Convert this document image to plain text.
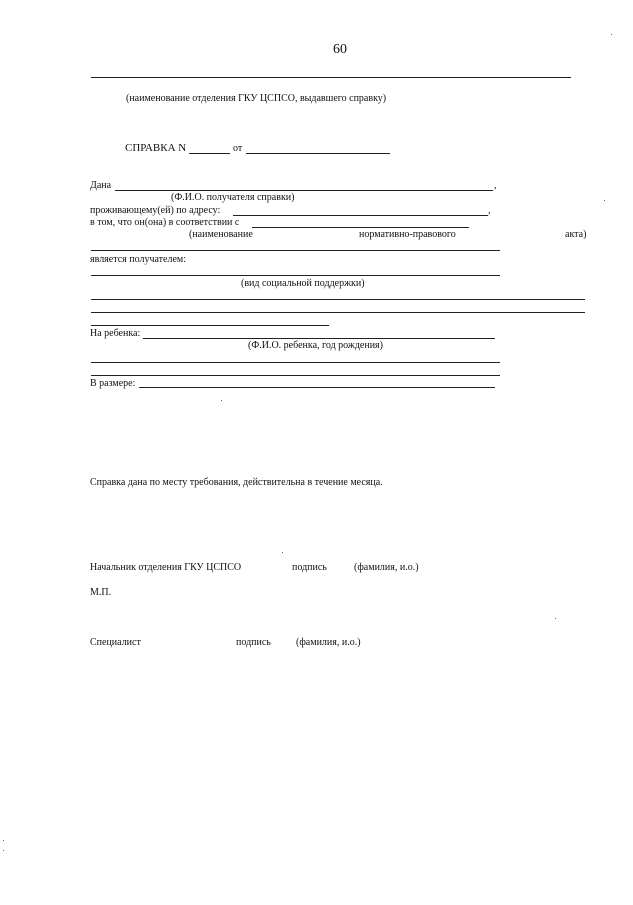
60
(наименование отделения ГКУ ЦСПСО, выдавшего справку)
СПРАВКА N	от
Дана	,
(Ф.И.О. получателя справки)
проживающему(ей) по адресу:	,
в том, что он(она) в соответствии с
(наименование	нормативно-правового	акта)
является получателем:
(вид социальной поддержки)
На ребенка:
(Ф.И.О. ребенка, год рождения)
В размере:
Справка дана по месту требования, действительна в течение месяца.
Начальник отделения ГКУ ЦСПСО	подпись	(фамилия, и.о.)
М.П.
Специалист	подпись	(фамилия, и.о.)
